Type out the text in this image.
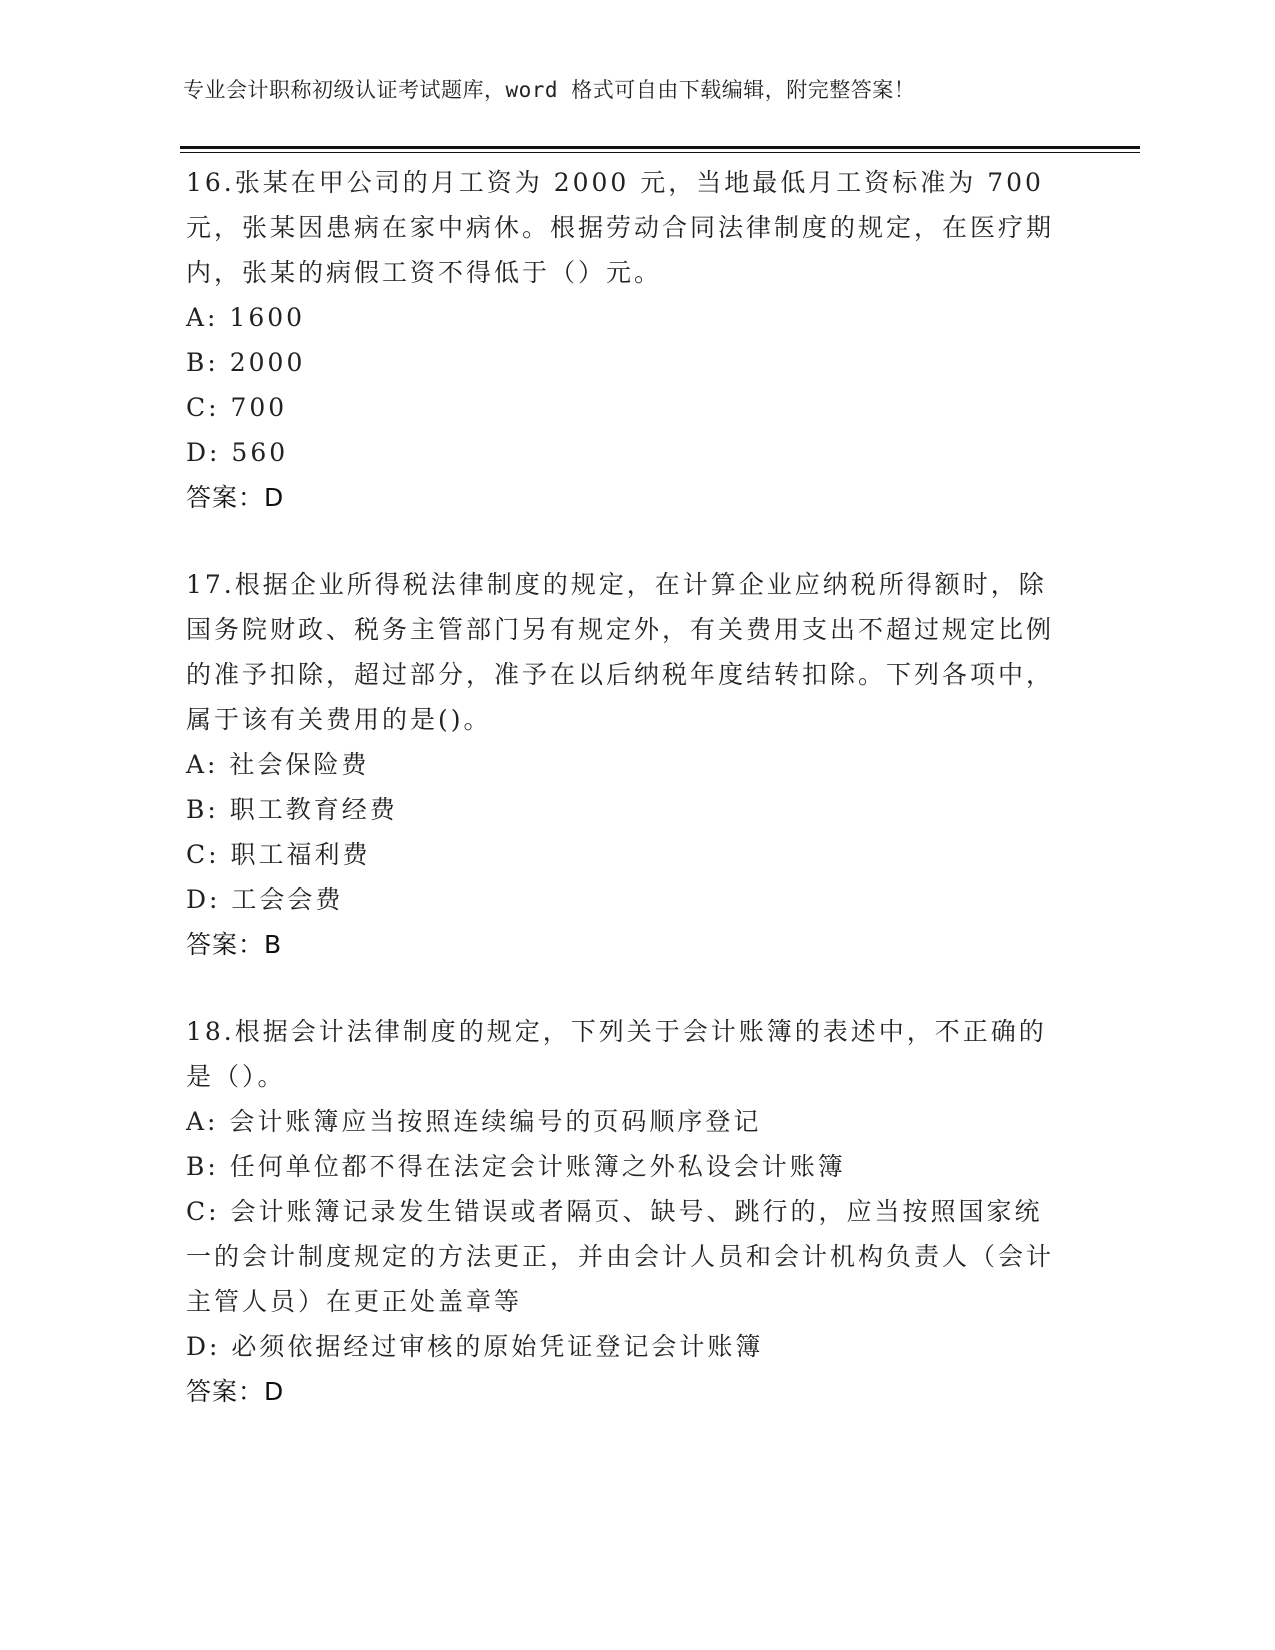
专业会计职称初级认证考试题库，word 格式可自由下载编辑，附完整答案！

16.张某在甲公司的月工资为 2000 元，当地最低月工资标准为 700 元，张某因患病在家中病休。根据劳动合同法律制度的规定，在医疗期内，张某的病假工资不得低于（）元。

A: 1600

B: 2000

C: 700

D: 560

答案：D

17.根据企业所得税法律制度的规定，在计算企业应纳税所得额时，除国务院财政、税务主管部门另有规定外，有关费用支出不超过规定比例的准予扣除，超过部分，准予在以后纳税年度结转扣除。下列各项中，属于该有关费用的是()。

A: 社会保险费

B: 职工教育经费

C: 职工福利费

D: 工会会费

答案：B

18.根据会计法律制度的规定，下列关于会计账簿的表述中，不正确的是（）。

A: 会计账簿应当按照连续编号的页码顺序登记

B: 任何单位都不得在法定会计账簿之外私设会计账簿

C: 会计账簿记录发生错误或者隔页、缺号、跳行的，应当按照国家统一的会计制度规定的方法更正，并由会计人员和会计机构负责人（会计主管人员）在更正处盖章等

D: 必须依据经过审核的原始凭证登记会计账簿

答案：D
